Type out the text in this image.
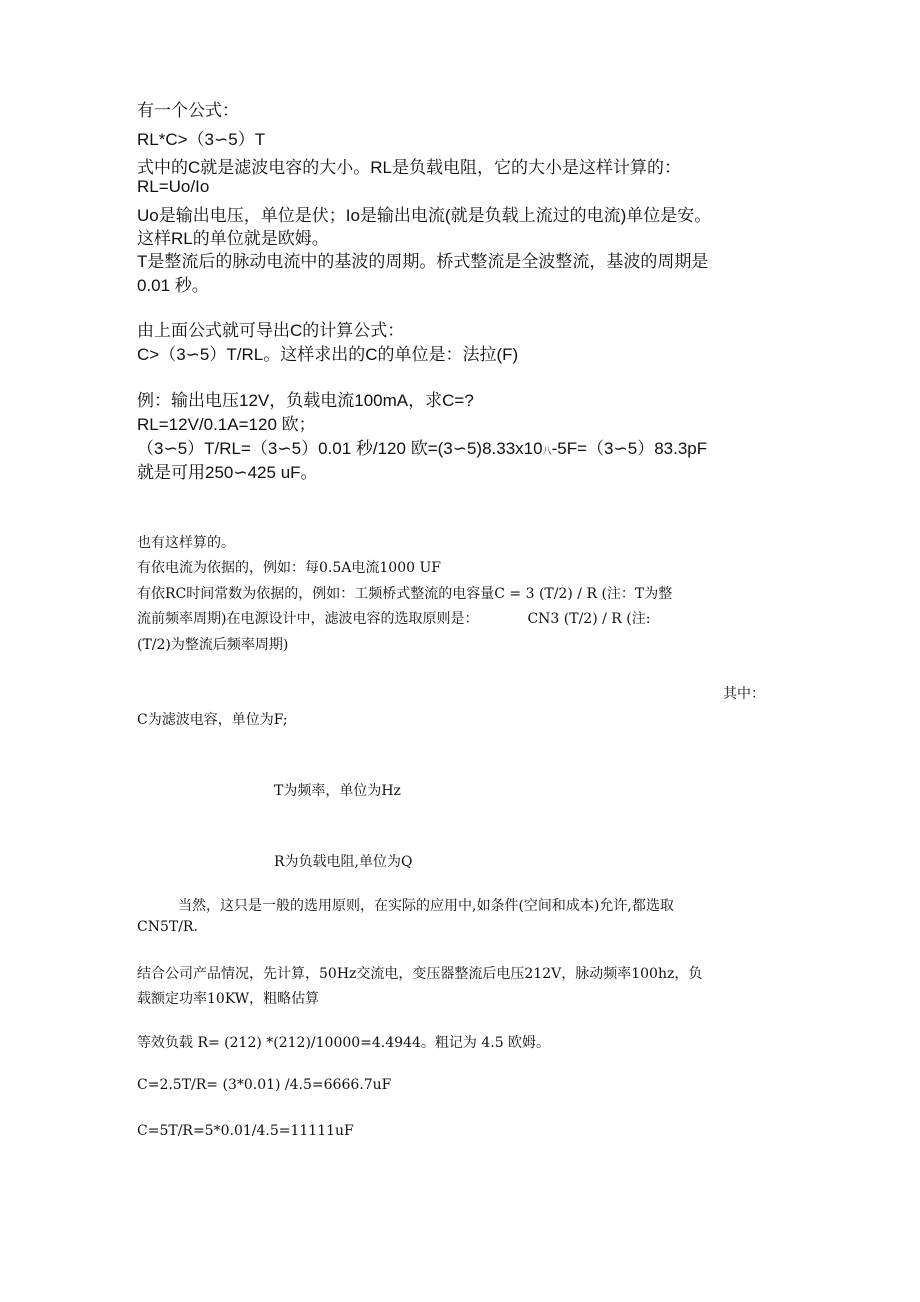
有一个公式：
RL*C>（3∽5）T
式中的C就是滤波电容的大小。RL是负载电阻，它的大小是这样计算的：
RL=Uo/Io
Uo是输出电压，单位是伏；Io是输出电流(就是负载上流过的电流)单位是安。
这样RL的单位就是欧姆。
T是整流后的脉动电流中的基波的周期。桥式整流是全波整流，基波的周期是
0.01 秒。
由上面公式就可导出C的计算公式：
C>（3∽5）T/RL。这样求出的C的单位是：法拉(F)
例：输出电压12V，负载电流100mA，求C=?
RL=12V/0.1A=120 欧；
（3∽5）T/RL=（3∽5）0.01 秒/120 欧=(3∽5)8.33x10八-5F=（3∽5）83.3pF
就是可用250∽425 uF。
也有这样算的。
有依电流为依据的，例如：每0.5A电流1000 UF
有依RC时间常数为依据的，例如：工频桥式整流的电容量C = 3 (T/2) / R (注：T为整
流前频率周期)在电源设计中，滤波电容的选取原则是：　　　　CN3 (T/2) / R (注:
(T/2)为整流后频率周期)
其中：
C为滤波电容，单位为F;
T为频率，单位为Hz
R为负载电阻,单位为Q
当然，这只是一般的选用原则，在实际的应用中,如条件(空间和成本)允许,都选取
CN5T/R.
结合公司产品情况，先计算，50Hz交流电，变压器整流后电压212V，脉动频率100hz，负
载额定功率10KW，粗略估算
等效负载 R= (212) *(212)/10000=4.4944。粗记为 4.5 欧姆。
C=2.5T/R= (3*0.01) /4.5=6666.7uF
C=5T/R=5*0.01/4.5=11111uF
